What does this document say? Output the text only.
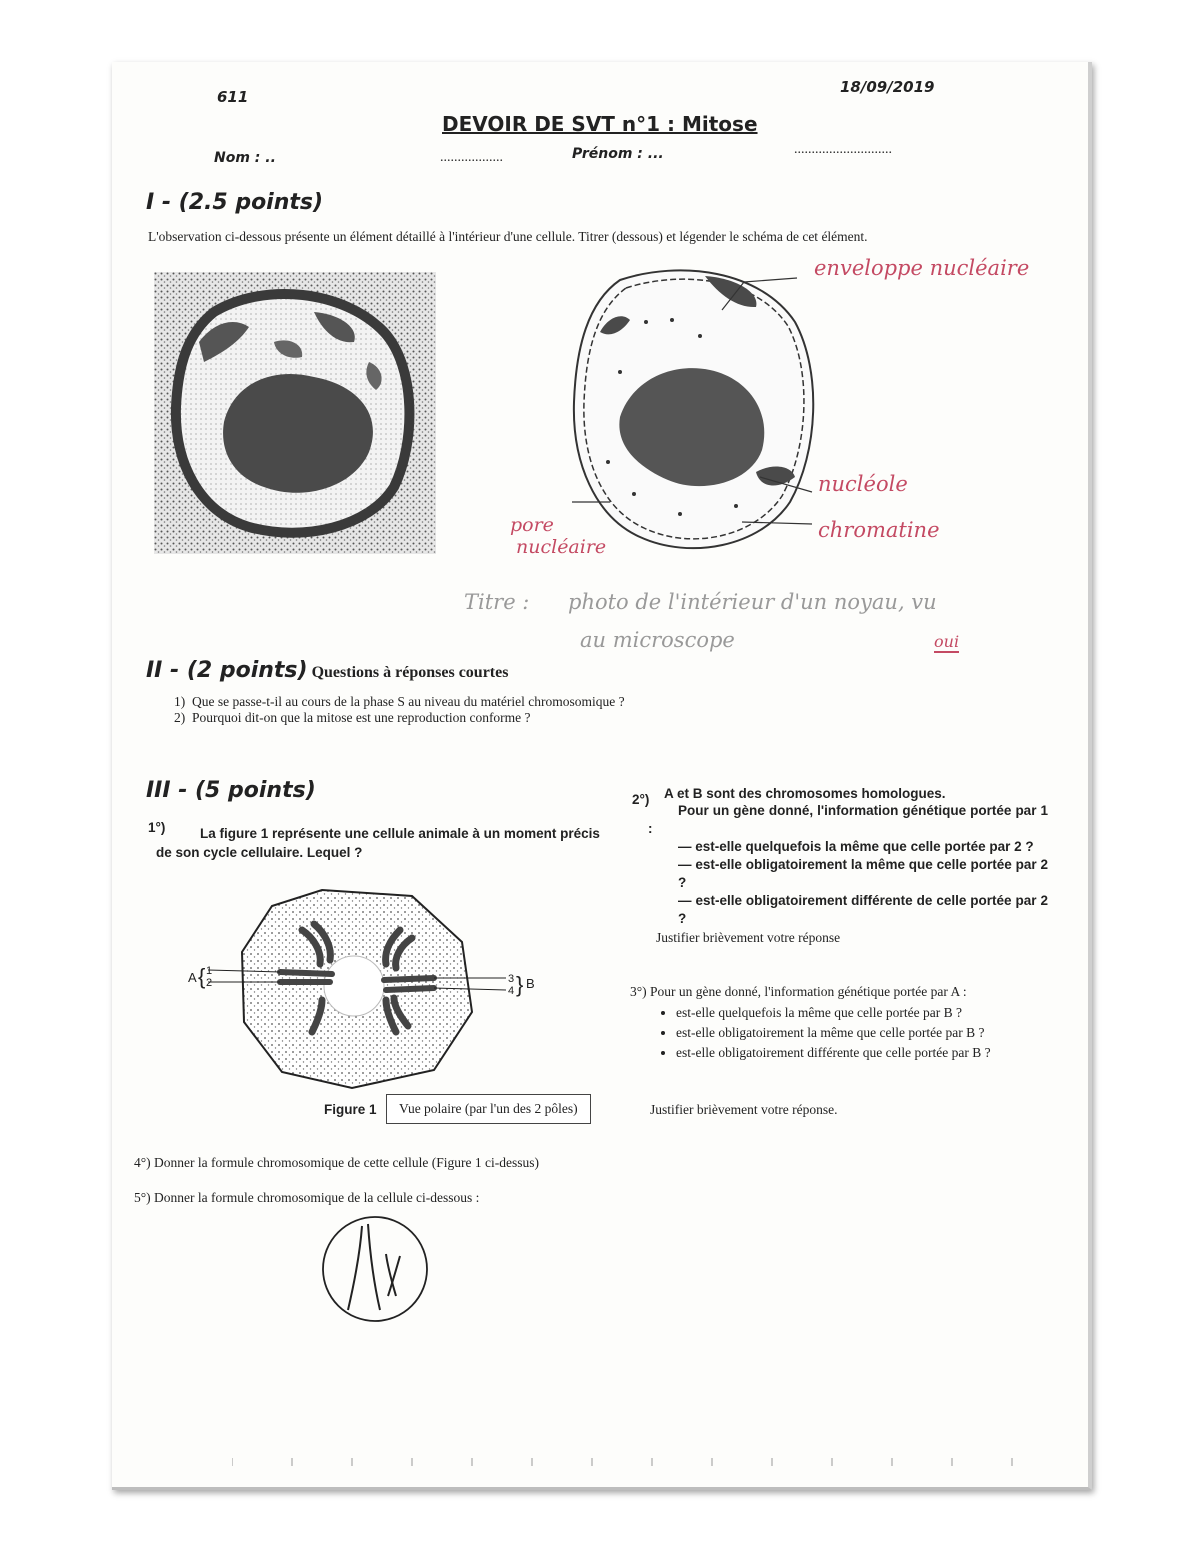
611
18/09/2019
DEVOIR DE SVT n°1 : Mitose
Nom : ..	..................	Prénom : ...	............................
I - (2.5 points)
L'observation ci-dessous présente un élément détaillé à l'intérieur d'une cellule. Titrer (dessous) et légender le schéma de cet élément.
enveloppe nucléaire
nucléole
chromatine
pore
nucléaire
Titre : photo de l'intérieur d'un noyau, vu
au microscope	oui
II - (2 points) Questions à réponses courtes
1) Que se passe-t-il au cours de la phase S au niveau du matériel chromosomique ?
2) Pourquoi dit-on que la mitose est une reproduction conforme ?
III - (5 points)
1°)	La figure 1 représente une cellule animale à un moment précis de son cycle cellulaire. Lequel ?
A { 1
2	3
4 } B
Figure 1	Vue polaire (par l'un des 2 pôles)
2°) A et B sont des chromosomes homologues.
Pour un gène donné, l'information génétique portée par 1 :
— est-elle quelquefois la même que celle portée par 2 ?
— est-elle obligatoirement la même que celle portée par 2 ?
— est-elle obligatoirement différente de celle portée par 2 ?
Justifier brièvement votre réponse
3°) Pour un gène donné, l'information génétique portée par A :
• est-elle quelquefois la même que celle portée par B ?
• est-elle obligatoirement la même que celle portée par B ?
• est-elle obligatoirement différente que celle portée par B ?
Justifier brièvement votre réponse.
4°) Donner la formule chromosomique de cette cellule (Figure 1 ci-dessus)
5°) Donner la formule chromosomique de la cellule ci-dessous :
